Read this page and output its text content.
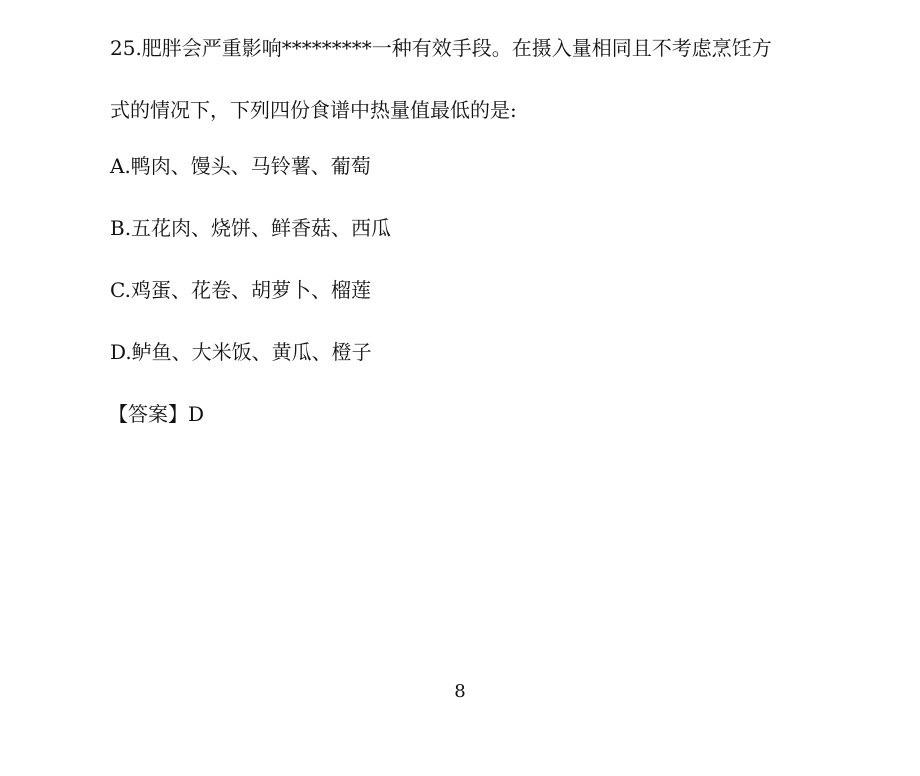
25.肥胖会严重影响*********一种有效手段。在摄入量相同且不考虑烹饪方
式的情况下，下列四份食谱中热量值最低的是:
A.鸭肉、馒头、马铃薯、葡萄
B.五花肉、烧饼、鲜香菇、西瓜
C.鸡蛋、花卷、胡萝卜、榴莲
D.鲈鱼、大米饭、黄瓜、橙子
【答案】D
8
